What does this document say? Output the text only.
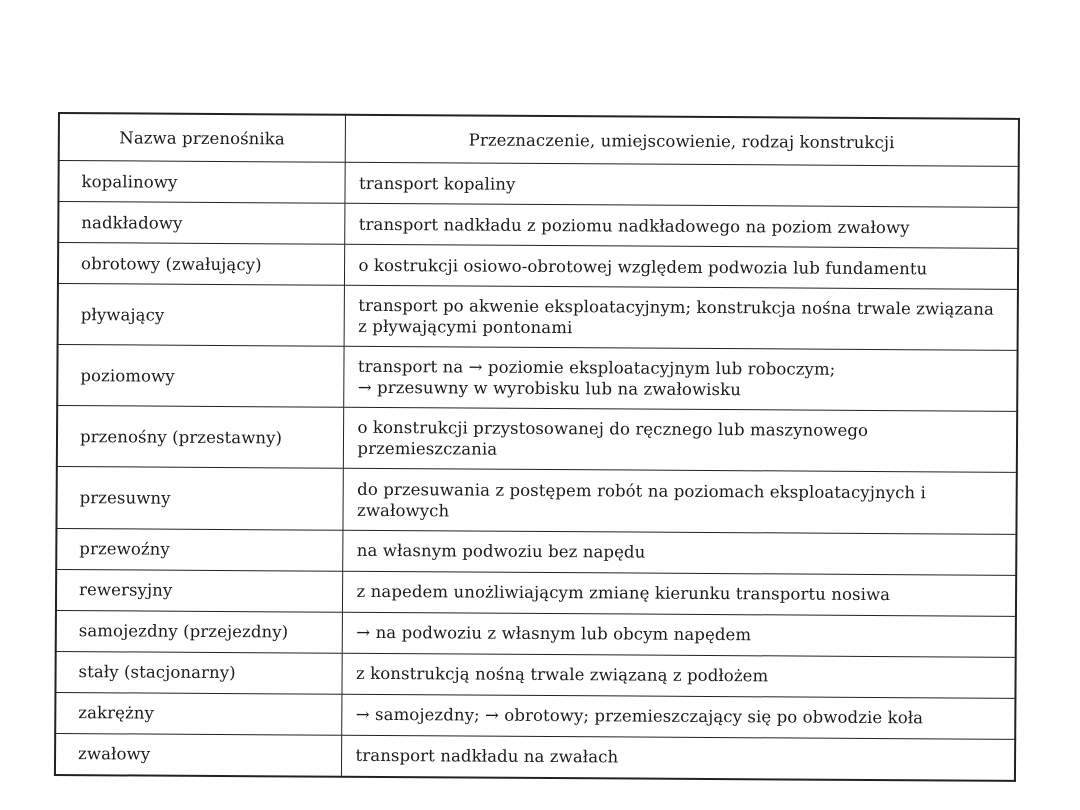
Nazwa przenośnika	Przeznaczenie, umiejscowienie, rodzaj konstrukcji
kopalinowy	transport kopaliny
nadkładowy	transport nadkładu z poziomu nadkładowego na poziom zwałowy
obrotowy (zwałujący)	o kostrukcji osiowo-obrotowej względem podwozia lub fundamentu
pływający	transport po akwenie eksploatacyjnym; konstrukcja nośna trwale związana z pływającymi pontonami
poziomowy	transport na → poziomie eksploatacyjnym lub roboczym;
→ przesuwny w wyrobisku lub na zwałowisku
przenośny (przestawny)	o konstrukcji przystosowanej do ręcznego lub maszynowego przemieszczania
przesuwny	do przesuwania z postępem robót na poziomach eksploatacyjnych i zwałowych
przewoźny	na własnym podwoziu bez napędu
rewersyjny	z napedem unożliwiającym zmianę kierunku transportu nosiwa
samojezdny (przejezdny)	→ na podwoziu z własnym lub obcym napędem
stały (stacjonarny)	z konstrukcją nośną trwale związaną z podłożem
zakrężny	→ samojezdny; → obrotowy; przemieszczający się po obwodzie koła
zwałowy	transport nadkładu na zwałach
